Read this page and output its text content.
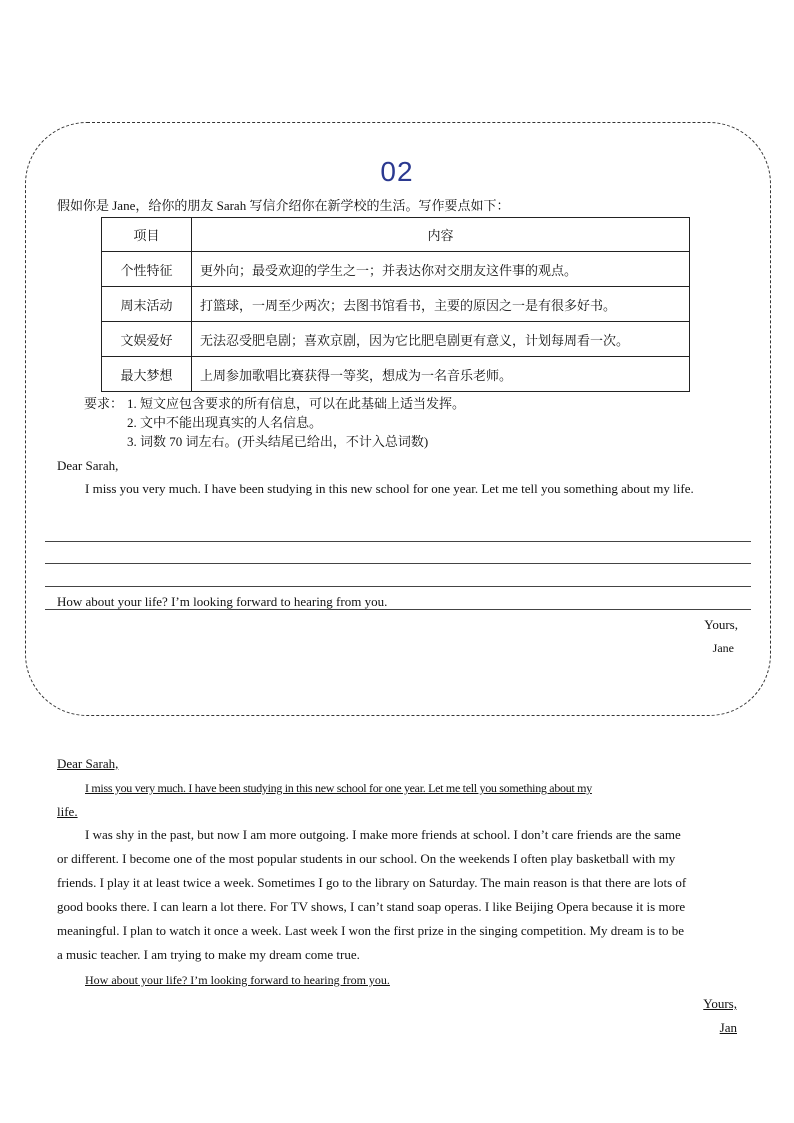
02
假如你是 Jane，给你的朋友 Sarah 写信介绍你在新学校的生活。写作要点如下：
项目	内容
个性特征	更外向；最受欢迎的学生之一；并表达你对交朋友这件事的观点。
周末活动	打篮球，一周至少两次；去图书馆看书，主要的原因之一是有很多好书。
文娱爱好	无法忍受肥皂剧；喜欢京剧，因为它比肥皂剧更有意义，计划每周看一次。
最大梦想	上周参加歌唱比赛获得一等奖，想成为一名音乐老师。
要求： 1. 短文应包含要求的所有信息，可以在此基础上适当发挥。
2. 文中不能出现真实的人名信息。
3. 词数 70 词左右。(开头结尾已给出，不计入总词数)
Dear Sarah,
I miss you very much. I have been studying in this new school for one year. Let me tell you something about my life.
How about your life? I’m looking forward to hearing from you.
Yours,
Jane
Dear Sarah,
I miss you very much. I have been studying in this new school for one year. Let me tell you something about my
life.
I was shy in the past, but now I am more outgoing. I make more friends at school. I don’t care friends are the same
or different. I become one of the most popular students in our school. On the weekends I often play basketball with my
friends. I play it at least twice a week. Sometimes I go to the library on Saturday. The main reason is that there are lots of
good books there. I can learn a lot there. For TV shows, I can’t stand soap operas. I like Beijing Opera because it is more
meaningful. I plan to watch it once a week. Last week I won the first prize in the singing competition. My dream is to be
a music teacher. I am trying to make my dream come true.
How about your life? I’m looking forward to hearing from you.
Yours,
Jan
